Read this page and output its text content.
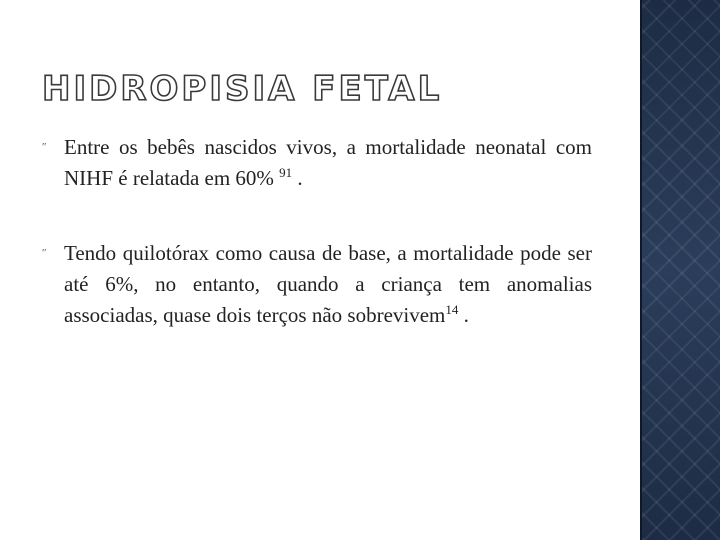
HIDROPISIA FETAL
″ Entre os bebês nascidos vivos, a mortalidade neonatal com NIHF é relatada em 60% $^{91}$ .
″ Tendo quilotórax como causa de base, a mortalidade pode ser até 6%, no entanto, quando a criança tem anomalias associadas, quase dois terços não sobrevivem$^{14}$ .
